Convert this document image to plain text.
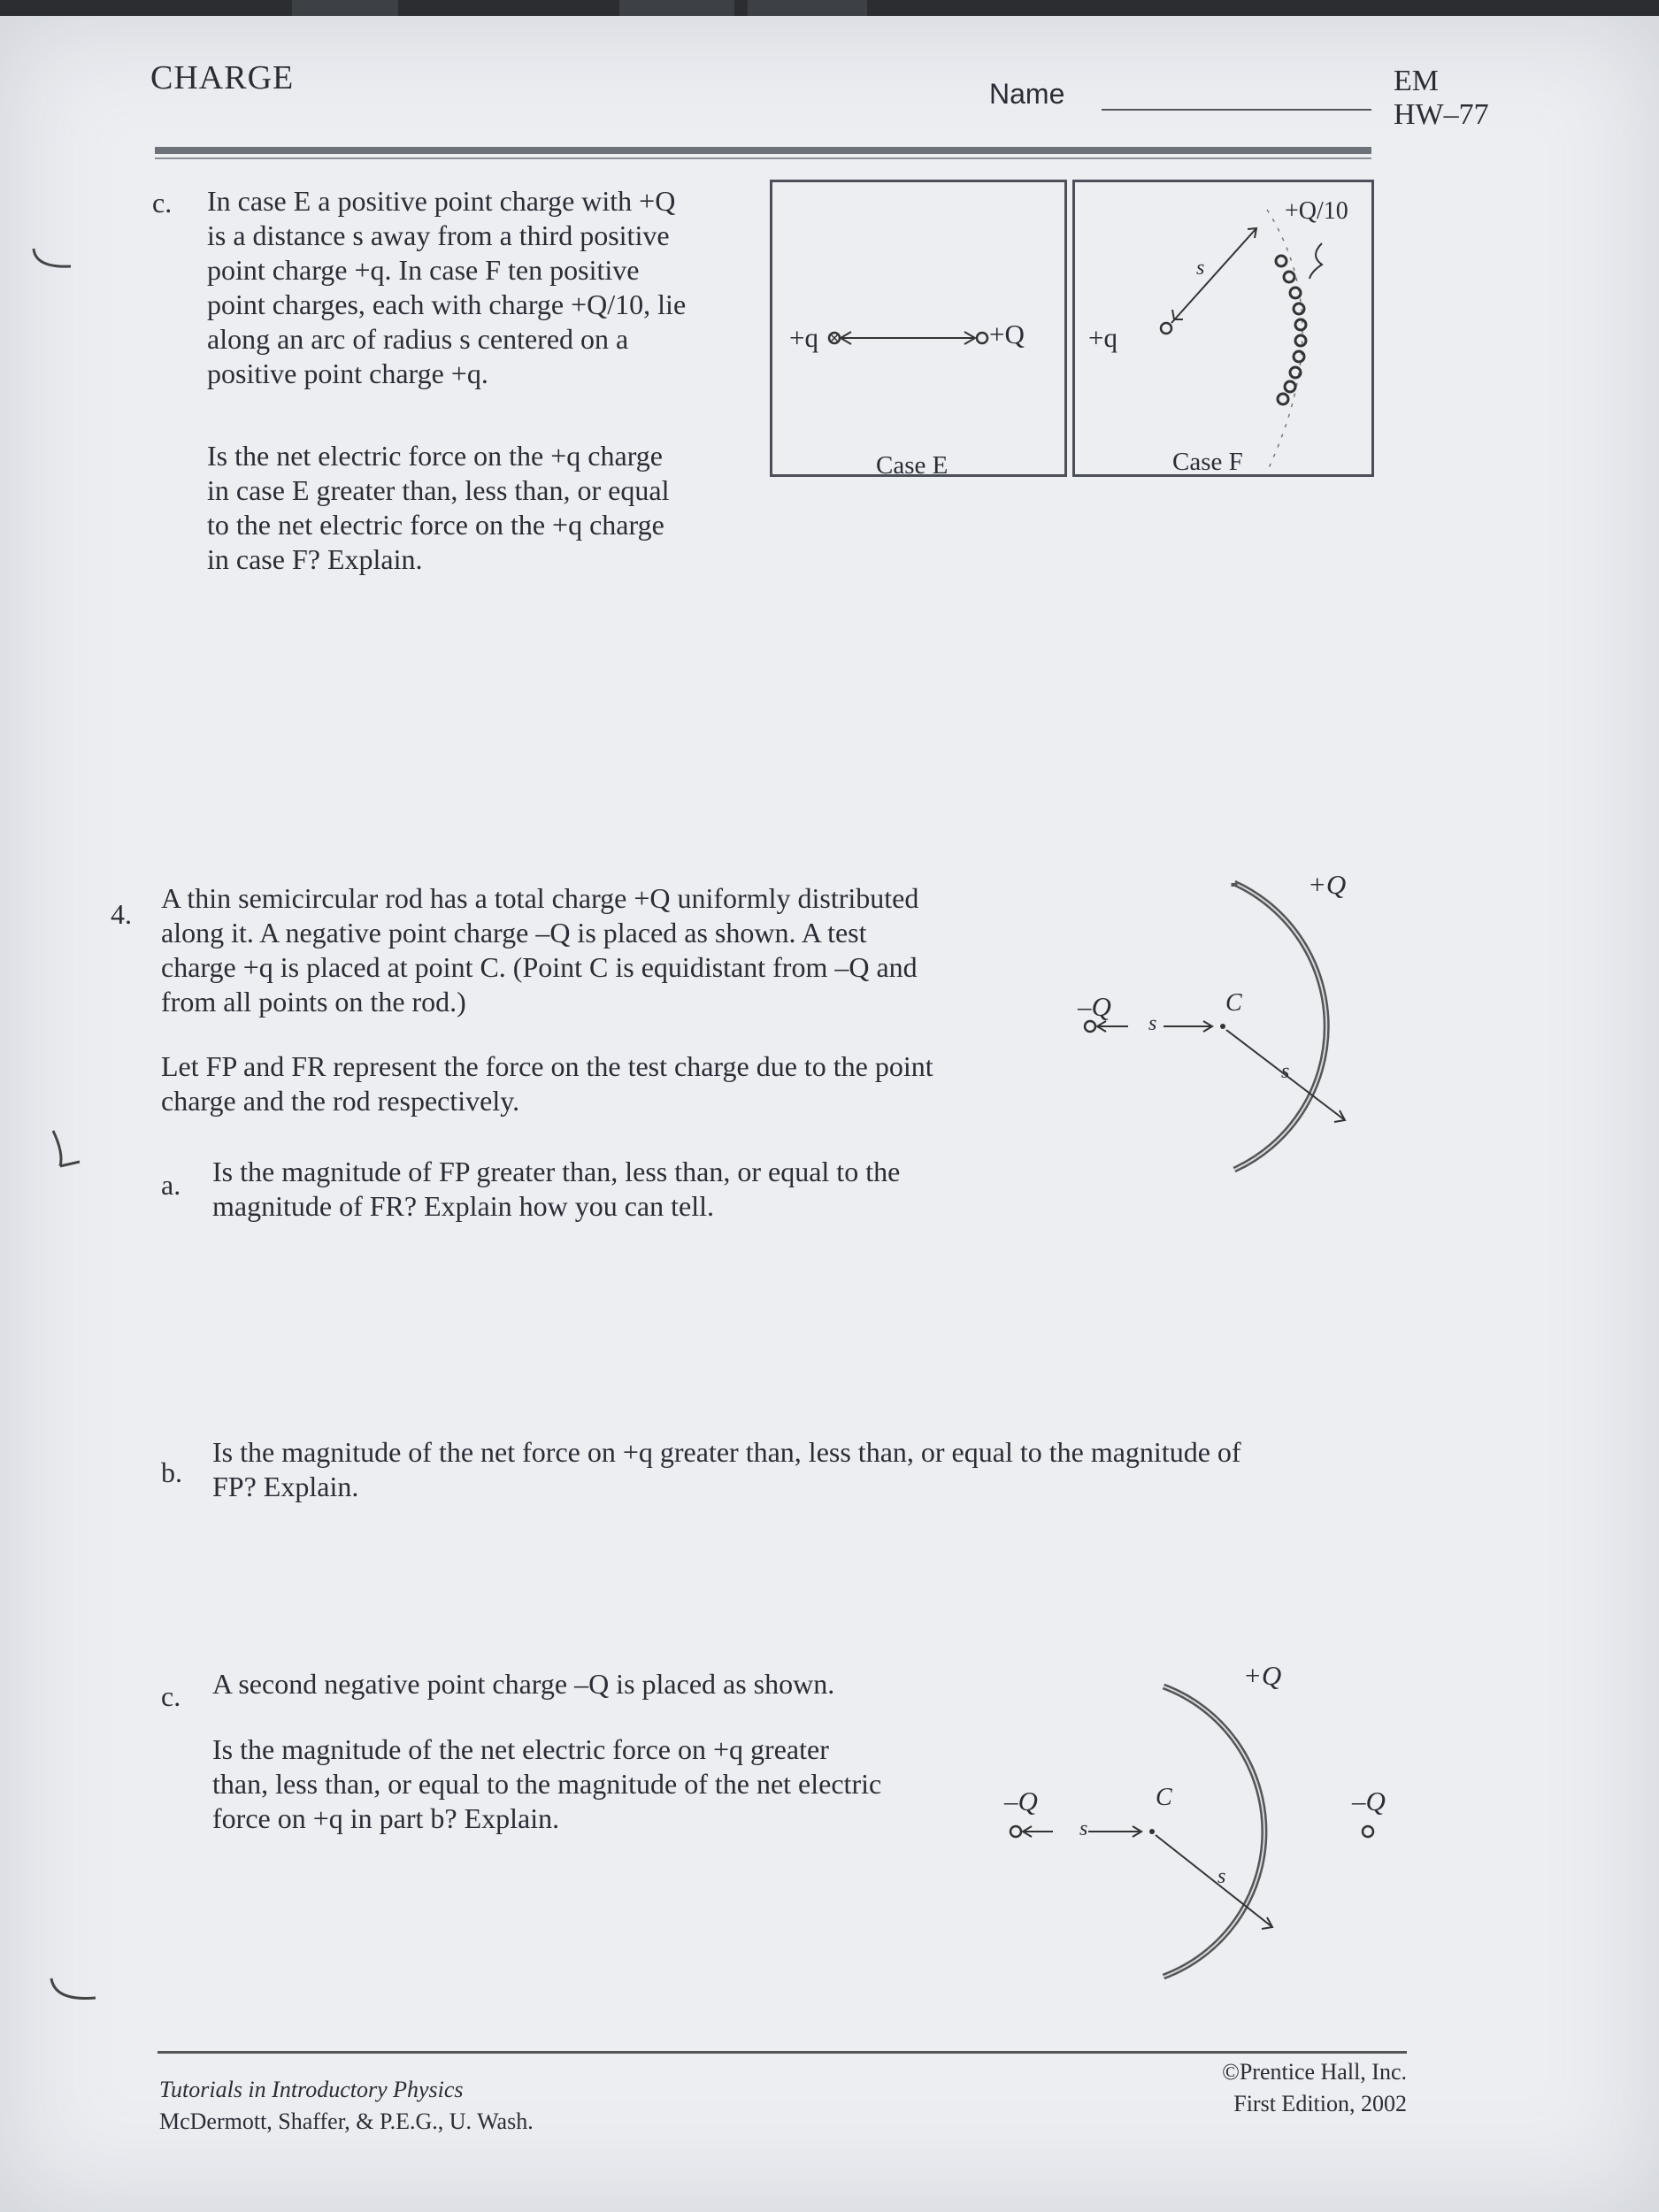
CHARGE	Name	EM
HW–77
c. In case E a positive point charge with +Q
is a distance s away from a third positive
point charge +q. In case F ten positive
point charges, each with charge +Q/10, lie
along an arc of radius s centered on a
positive point charge +q.
Is the net electric force on the +q charge
in case E greater than, less than, or equal
to the net electric force on the +q charge
in case F? Explain.
+q	+Q
Case E
+q
+Q/10
s
Case F
4. A thin semicircular rod has a total charge +Q uniformly distributed
along it. A negative point charge –Q is placed as shown. A test
charge +q is placed at point C. (Point C is equidistant from –Q and
from all points on the rod.)
Let FP and FR represent the force on the test charge due to the point
charge and the rod respectively.
a. Is the magnitude of FP greater than, less than, or equal to the
magnitude of FR? Explain how you can tell.
b.
Is the magnitude of the net force on +q greater than, less than, or equal to the magnitude of
FP? Explain.
c. A second negative point charge –Q is placed as shown.
Is the magnitude of the net electric force on +q greater
than, less than, or equal to the magnitude of the net electric
force on +q in part b? Explain.
+Q
–Q	C
s
s
+Q
–Q	–Q
C
s
s
Tutorials in Introductory Physics
McDermott, Shaffer, & P.E.G., U. Wash.
©Prentice Hall, Inc.
First Edition, 2002
